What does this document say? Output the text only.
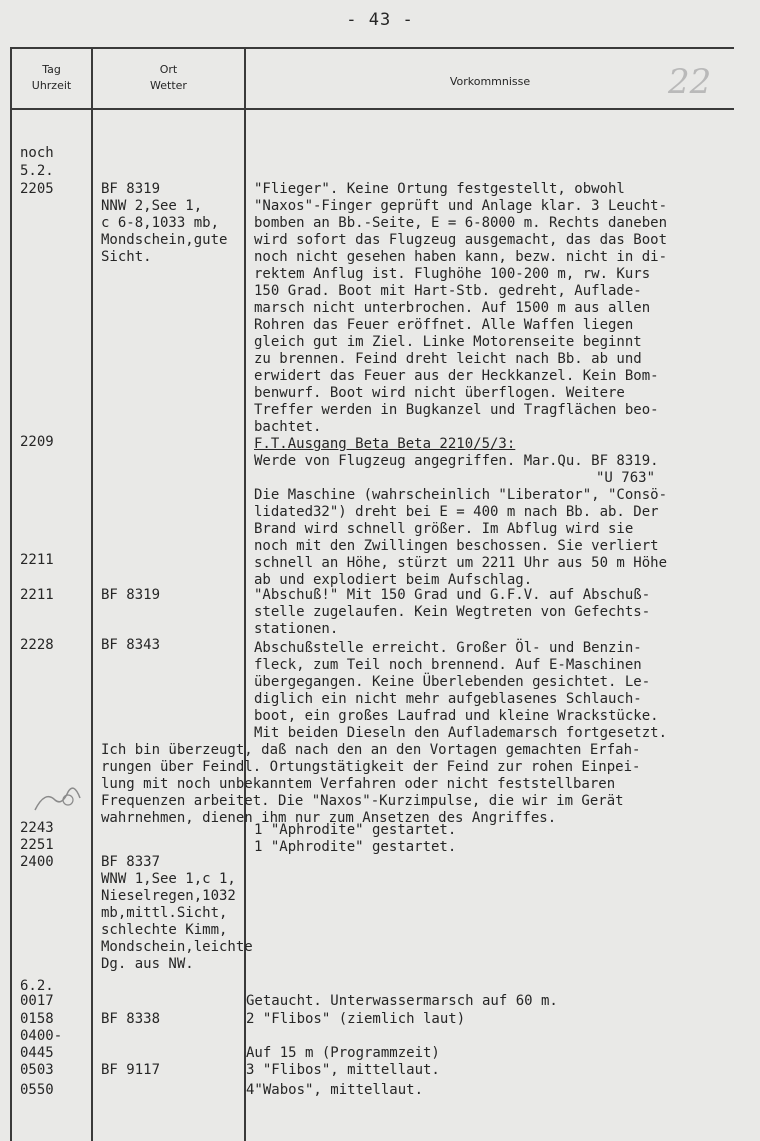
- 43 -
Tag
Uhrzeit
Ort
Wetter	Vorkommnisse	22
noch
5.2.
2205
2209
2211
2211
2228
2243
2251
2400
6.2.
0017
0158
0400-
0445
0503
0550
BF 8319
NNW 2,See 1,
c 6-8,1033 mb,
Mondschein,gute
Sicht.
BF 8319
BF 8343
BF 8337
WNW 1,See 1,c 1,
Nieselregen,1032
mb,mittl.Sicht,
schlechte Kimm,
Mondschein,leichte
Dg. aus NW.
BF 8338
BF 9117
"Flieger". Keine Ortung festgestellt, obwohl
"Naxos"-Finger geprüft und Anlage klar. 3 Leucht-
bomben an Bb.-Seite, E = 6-8000 m. Rechts daneben
wird sofort das Flugzeug ausgemacht, das das Boot
noch nicht gesehen haben kann, bezw. nicht in di-
rektem Anflug ist. Flughöhe 100-200 m, rw. Kurs
150 Grad. Boot mit Hart-Stb. gedreht, Auflade-
marsch nicht unterbrochen. Auf 1500 m aus allen
Rohren das Feuer eröffnet. Alle Waffen liegen
gleich gut im Ziel. Linke Motorenseite beginnt
zu brennen. Feind dreht leicht nach Bb. ab und
erwidert das Feuer aus der Heckkanzel. Kein Bom-
benwurf. Boot wird nicht überflogen. Weitere
Treffer werden in Bugkanzel und Tragflächen beo-
bachtet.
F.T.Ausgang Beta Beta 2210/5/3:
Werde von Flugzeug angegriffen. Mar.Qu. BF 8319.
"U 763"
Die Maschine (wahrscheinlich "Liberator", "Consö-
lidated32") dreht bei E = 400 m nach Bb. ab. Der
Brand wird schnell größer. Im Abflug wird sie
noch mit den Zwillingen beschossen. Sie verliert
schnell an Höhe, stürzt um 2211 Uhr aus 50 m Höhe
ab und explodiert beim Aufschlag.
"Abschuß!" Mit 150 Grad und G.F.V. auf Abschuß-
stelle zugelaufen. Kein Wegtreten von Gefechts-
stationen.
Abschußstelle erreicht. Großer Öl- und Benzin-
fleck, zum Teil noch brennend. Auf E-Maschinen
übergegangen. Keine Überlebenden gesichtet. Le-
diglich ein nicht mehr aufgeblasenes Schlauch-
boot, ein großes Laufrad und kleine Wrackstücke.
Mit beiden Dieseln den Auflademarsch fortgesetzt.
Ich bin überzeugt, daß nach den an den Vortagen gemachten Erfah-
rungen über Feindl. Ortungstätigkeit der Feind zur rohen Einpei-
lung mit noch unbekanntem Verfahren oder nicht feststellbaren
Frequenzen arbeitet. Die "Naxos"-Kurzimpulse, die wir im Gerät
wahrnehmen, dienen ihm nur zum Ansetzen des Angriffes.
1 "Aphrodite" gestartet.
1 "Aphrodite" gestartet.
Getaucht. Unterwassermarsch auf 60 m.
2 "Flibos" (ziemlich laut)
Auf 15 m (Programmzeit)
3 "Flibos", mittellaut.
4"Wabos", mittellaut.
